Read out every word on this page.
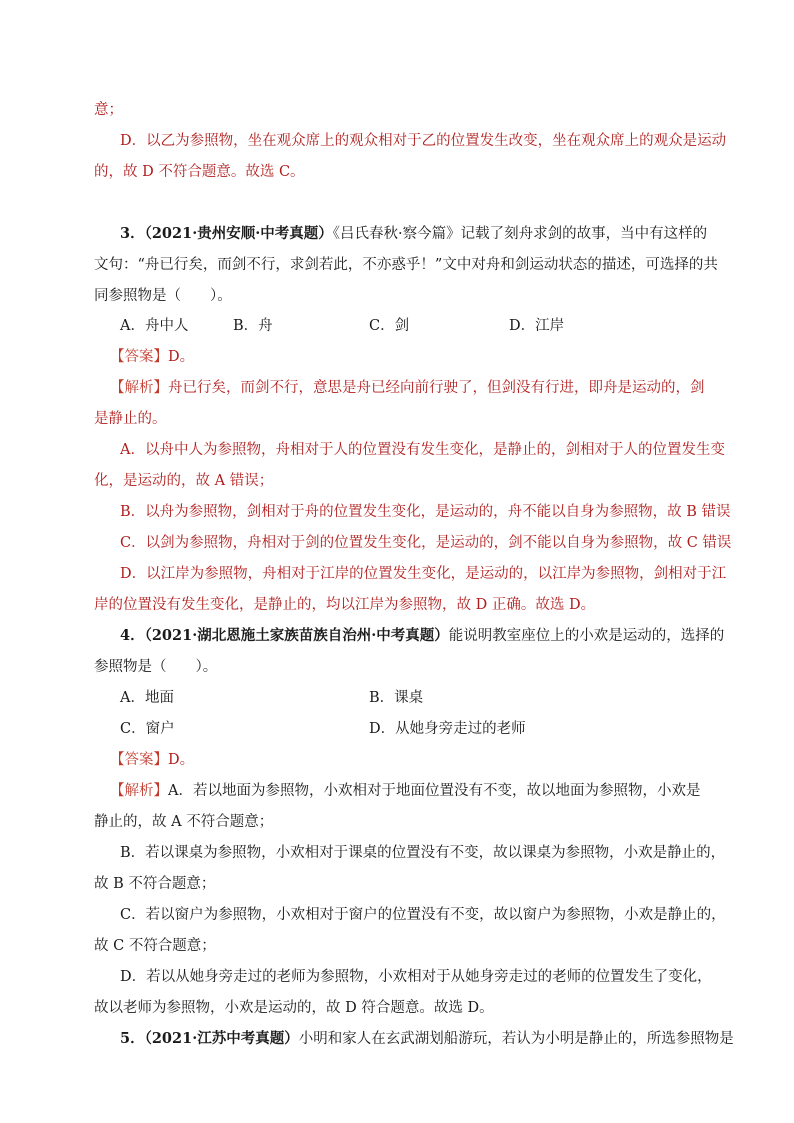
意；
D．以乙为参照物，坐在观众席上的观众相对于乙的位置发生改变，坐在观众席上的观众是运动
的，故 D 不符合题意。故选 C。
3．（2021·贵州安顺·中考真题）《吕氏春秋·察今篇》记载了刻舟求剑的故事，当中有这样的
文句：“舟已行矣，而剑不行，求剑若此，不亦惑乎！”文中对舟和剑运动状态的描述，可选择的共
同参照物是（　　）。
A．舟中人	B．舟	C．剑	D．江岸
【答案】D。
【解析】舟已行矣，而剑不行，意思是舟已经向前行驶了，但剑没有行进，即舟是运动的，剑
是静止的。
A．以舟中人为参照物，舟相对于人的位置没有发生变化，是静止的，剑相对于人的位置发生变
化，是运动的，故 A 错误；
B．以舟为参照物，剑相对于舟的位置发生变化，是运动的，舟不能以自身为参照物，故 B 错误
C．以剑为参照物，舟相对于剑的位置发生变化，是运动的，剑不能以自身为参照物，故 C 错误
D．以江岸为参照物，舟相对于江岸的位置发生变化，是运动的，以江岸为参照物，剑相对于江
岸的位置没有发生变化，是静止的，均以江岸为参照物，故 D 正确。故选 D。
4．（2021·湖北恩施土家族苗族自治州·中考真题）能说明教室座位上的小欢是运动的，选择的
参照物是（　　）。
A．地面	B．课桌
C．窗户	D．从她身旁走过的老师
【答案】D。
【解析】A．若以地面为参照物，小欢相对于地面位置没有不变，故以地面为参照物，小欢是
静止的，故 A 不符合题意；
B．若以课桌为参照物，小欢相对于课桌的位置没有不变，故以课桌为参照物，小欢是静止的，
故 B 不符合题意；
C．若以窗户为参照物，小欢相对于窗户的位置没有不变，故以窗户为参照物，小欢是静止的，
故 C 不符合题意；
D．若以从她身旁走过的老师为参照物，小欢相对于从她身旁走过的老师的位置发生了变化，
故以老师为参照物，小欢是运动的，故 D 符合题意。故选 D。
5．（2021·江苏中考真题）小明和家人在玄武湖划船游玩，若认为小明是静止的，所选参照物是
